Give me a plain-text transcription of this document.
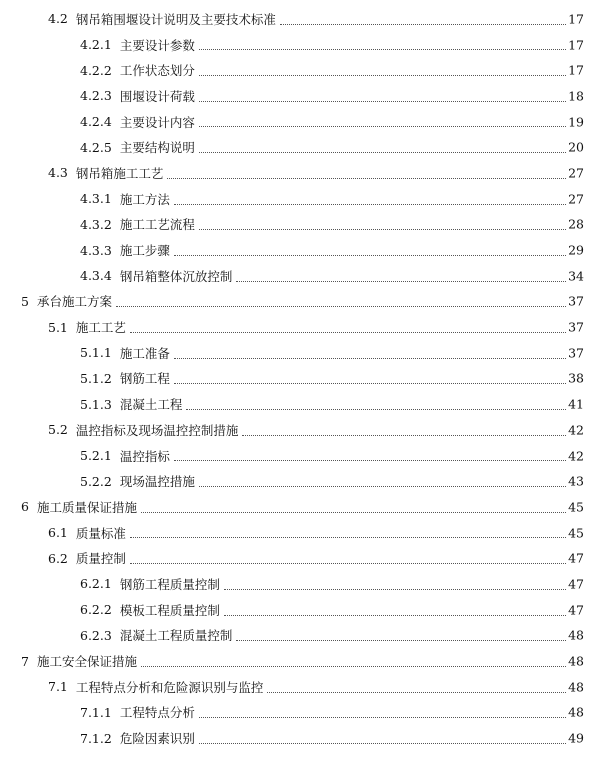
4.2 钢吊箱围堰设计说明及主要技术标准	17
4.2.1 主要设计参数	17
4.2.2 工作状态划分	17
4.2.3 围堰设计荷载	18
4.2.4 主要设计内容	19
4.2.5 主要结构说明	20
4.3 钢吊箱施工工艺	27
4.3.1 施工方法	27
4.3.2 施工工艺流程	28
4.3.3 施工步骤	29
4.3.4 钢吊箱整体沉放控制	34
5 承台施工方案	37
5.1 施工工艺	37
5.1.1 施工准备	37
5.1.2 钢筋工程	38
5.1.3 混凝土工程	41
5.2 温控指标及现场温控控制措施	42
5.2.1 温控指标	42
5.2.2 现场温控措施	43
6 施工质量保证措施	45
6.1 质量标准	45
6.2 质量控制	47
6.2.1 钢筋工程质量控制	47
6.2.2 模板工程质量控制	47
6.2.3 混凝土工程质量控制	48
7 施工安全保证措施	48
7.1 工程特点分析和危险源识别与监控	48
7.1.1 工程特点分析	48
7.1.2 危险因素识别	49
